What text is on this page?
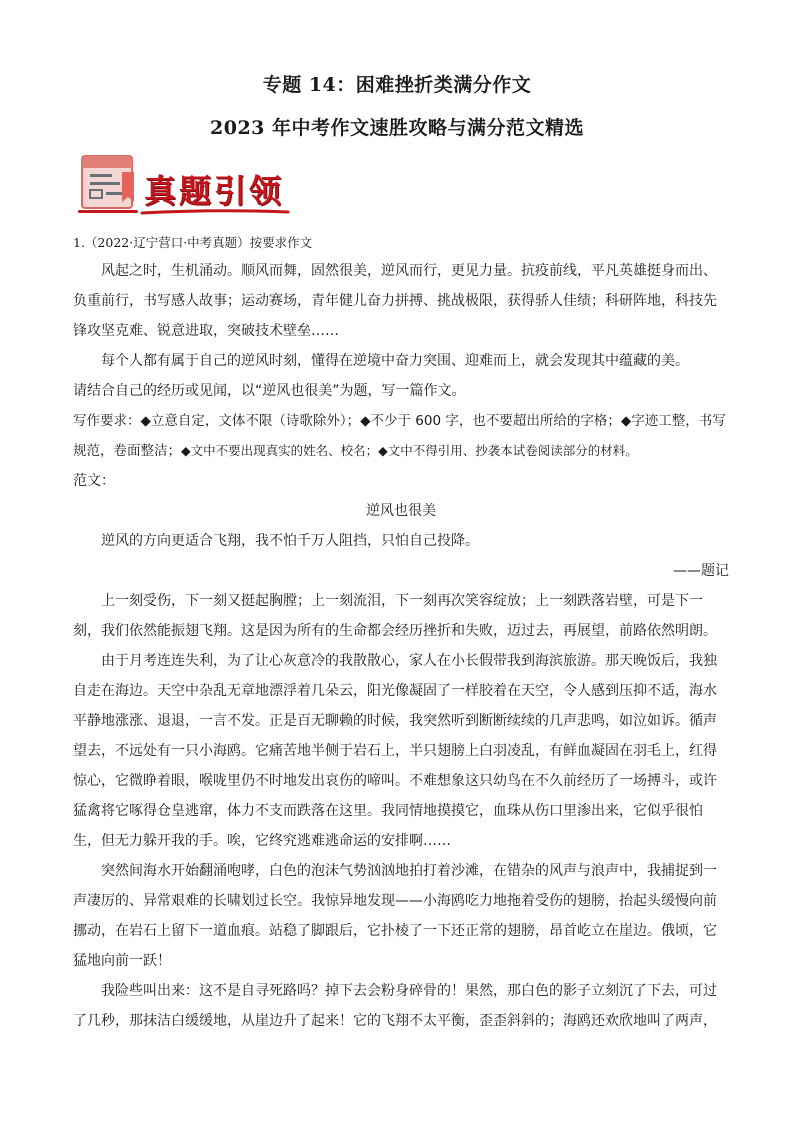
专题 14：困难挫折类满分作文
2023 年中考作文速胜攻略与满分范文精选
真题引领

1.（2022·辽宁营口·中考真题）按要求作文

风起之时，生机涌动。顺风而舞，固然很美，逆风而行，更见力量。抗疫前线，平凡英雄挺身而出、负重前行，书写感人故事；运动赛场，青年健儿奋力拼搏、挑战极限，获得骄人佳绩；科研阵地，科技先锋攻坚克难、锐意进取，突破技术壁垒……

每个人都有属于自己的逆风时刻，懂得在逆境中奋力突围、迎难而上，就会发现其中蕴藏的美。

请结合自己的经历或见闻，以“逆风也很美”为题，写一篇作文。

写作要求：◆立意自定，文体不限（诗歌除外）；◆不少于 600 字，也不要超出所给的字格；◆字迹工整，书写规范，卷面整洁；◆文中不要出现真实的姓名、校名；◆文中不得引用、抄袭本试卷阅读部分的材料。

范文：

逆风也很美

逆风的方向更适合飞翔，我不怕千万人阻挡，只怕自己投降。

——题记

上一刻受伤，下一刻又挺起胸膛；上一刻流泪，下一刻再次笑容绽放；上一刻跌落岩壁，可是下一刻，我们依然能振翅飞翔。这是因为所有的生命都会经历挫折和失败，迈过去，再展望，前路依然明朗。

由于月考连连失利，为了让心灰意冷的我散散心，家人在小长假带我到海滨旅游。那天晚饭后，我独自走在海边。天空中杂乱无章地漂浮着几朵云，阳光像凝固了一样胶着在天空，令人感到压抑不适，海水平静地涨涨、退退，一言不发。正是百无聊赖的时候，我突然听到断断续续的几声悲鸣，如泣如诉。循声望去，不远处有一只小海鸥。它痛苦地半侧于岩石上，半只翅膀上白羽凌乱，有鲜血凝固在羽毛上，红得惊心，它微睁着眼，喉咙里仍不时地发出哀伤的啼叫。不难想象这只幼鸟在不久前经历了一场搏斗，或许猛禽将它啄得仓皇逃窜，体力不支而跌落在这里。我同情地摸摸它，血珠从伤口里渗出来，它似乎很怕生，但无力躲开我的手。唉，它终究逃难逃命运的安排啊……

突然间海水开始翻涌咆哮，白色的泡沫气势汹汹地拍打着沙滩，在错杂的风声与浪声中，我捕捉到一声凄厉的、异常艰难的长啸划过长空。我惊异地发现——小海鸥吃力地拖着受伤的翅膀，抬起头缓慢向前挪动，在岩石上留下一道血痕。站稳了脚跟后，它扑棱了一下还正常的翅膀，昂首屹立在崖边。俄顷，它猛地向前一跃！

我险些叫出来：这不是自寻死路吗？掉下去会粉身碎骨的！果然，那白色的影子立刻沉了下去，可过了几秒，那抹洁白缓缓地，从崖边升了起来！它的飞翔不太平衡，歪歪斜斜的；海鸥还欢欣地叫了两声，
